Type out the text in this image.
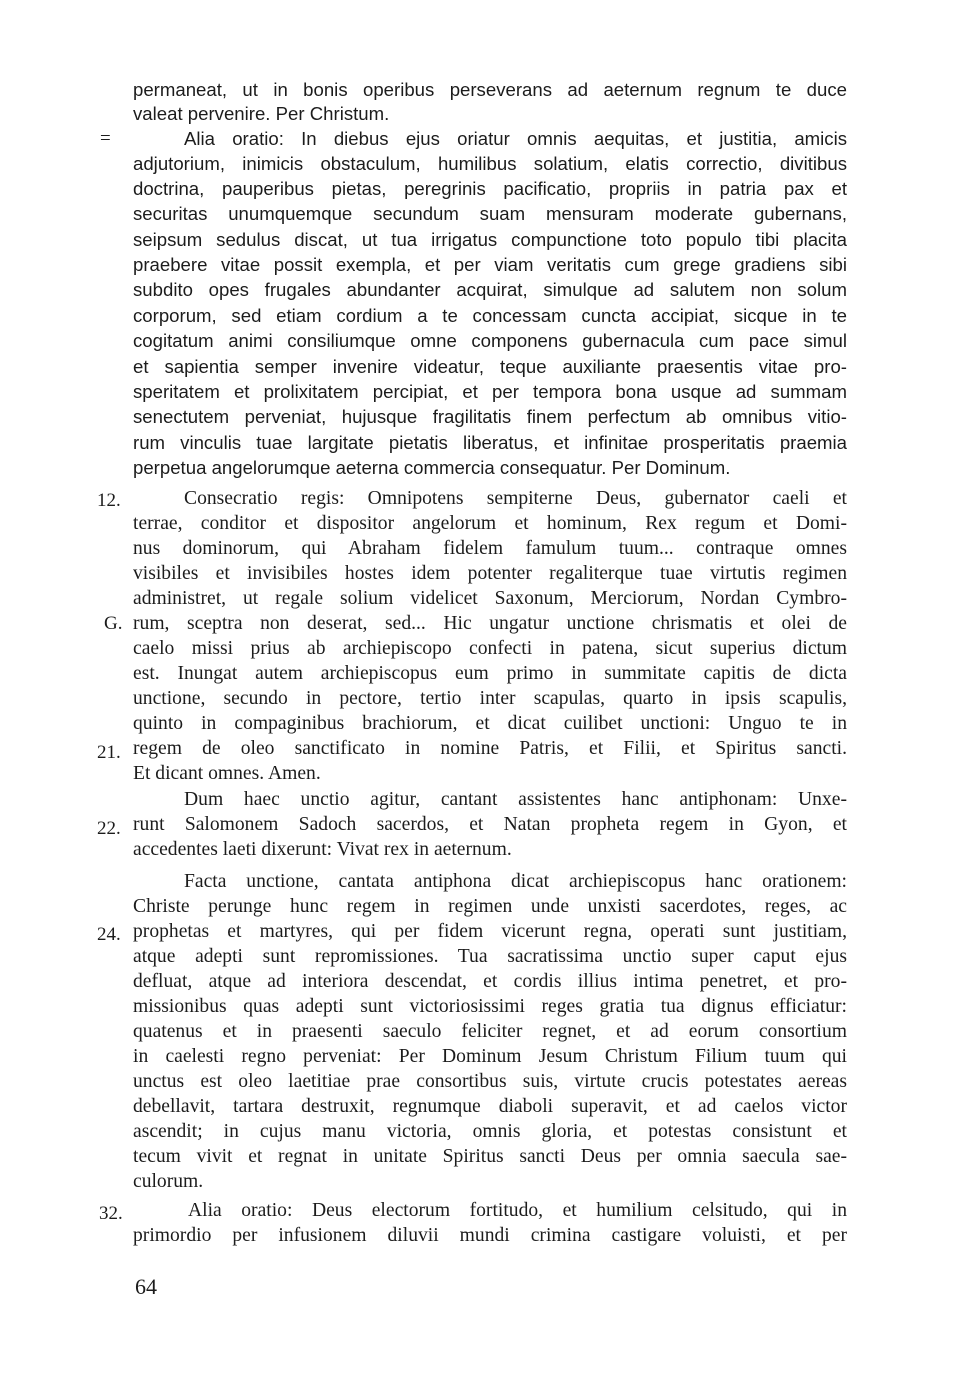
permaneat, ut in bonis operibus perseverans ad aeternum regnum te duce
valeat pervenire. Per Christum.
Alia oratio: In diebus ejus oriatur omnis aequitas, et justitia, amicis
adjutorium, inimicis obstaculum, humilibus solatium, elatis correctio, divitibus
doctrina, pauperibus pietas, peregrinis pacificatio, propriis in patria pax et
securitas unumquemque secundum suam mensuram moderate gubernans,
seipsum sedulus discat, ut tua irrigatus compunctione toto populo tibi placita
praebere vitae possit exempla, et per viam veritatis cum grege gradiens sibi
subdito opes frugales abundanter acquirat, simulque ad salutem non solum
corporum, sed etiam cordium a te concessam cuncta accipiat, sicque in te
cogitatum animi consiliumque omne componens gubernacula cum pace simul
et sapientia semper invenire videatur, teque auxiliante praesentis vitae pro-
speritatem et prolixitatem percipiat, et per tempora bona usque ad summam
senectutem perveniat, hujusque fragilitatis finem perfectum ab omnibus vitio-
rum vinculis tuae largitate pietatis liberatus, et infinitae prosperitatis praemia
perpetua angelorumque aeterna commercia consequatur. Per Dominum.
Consecratio regis: Omnipotens sempiterne Deus, gubernator caeli et
terrae, conditor et dispositor angelorum et hominum, Rex regum et Domi-
nus dominorum, qui Abraham fidelem famulum tuum... contraque omnes
visibiles et invisibiles hostes idem potenter regaliterque tuae virtutis regimen
administret, ut regale solium videlicet Saxonum, Merciorum, Nordan Cymbro-
rum, sceptra non deserat, sed... Hic ungatur unctione chrismatis et olei de
caelo missi prius ab archiepiscopo confecti in patena, sicut superius dictum
est. Inungat autem archiepiscopus eum primo in summitate capitis de dicta
unctione, secundo in pectore, tertio inter scapulas, quarto in ipsis scapulis,
quinto in compaginibus brachiorum, et dicat cuilibet unctioni: Unguo te in
regem de oleo sanctificato in nomine Patris, et Filii, et Spiritus sancti.
Et dicant omnes. Amen.
Dum haec unctio agitur, cantant assistentes hanc antiphonam: Unxe-
runt Salomonem Sadoch sacerdos, et Natan propheta regem in Gyon, et
accedentes laeti dixerunt: Vivat rex in aeternum.
Facta unctione, cantata antiphona dicat archiepiscopus hanc orationem:
Christe perunge hunc regem in regimen unde unxisti sacerdotes, reges, ac
prophetas et martyres, qui per fidem vicerunt regna, operati sunt justitiam,
atque adepti sunt repromissiones. Tua sacratissima unctio super caput ejus
defluat, atque ad interiora descendat, et cordis illius intima penetret, et pro-
missionibus quas adepti sunt victoriosissimi reges gratia tua dignus efficiatur:
quatenus et in praesenti saeculo feliciter regnet, et ad eorum consortium
in caelesti regno perveniat: Per Dominum Jesum Christum Filium tuum qui
unctus est oleo laetitiae prae consortibus suis, virtute crucis potestates aereas
debellavit, tartara destruxit, regnumque diaboli superavit, et ad caelos victor
ascendit; in cujus manu victoria, omnis gloria, et potestas consistunt et
tecum vivit et regnat in unitate Spiritus sancti Deus per omnia saecula sae-
culorum.
Alia oratio: Deus electorum fortitudo, et humilium celsitudo, qui in
primordio per infusionem diluvii mundi crimina castigare voluisti, et per
=
12.
G.
21.
22.
24.
32.
64
